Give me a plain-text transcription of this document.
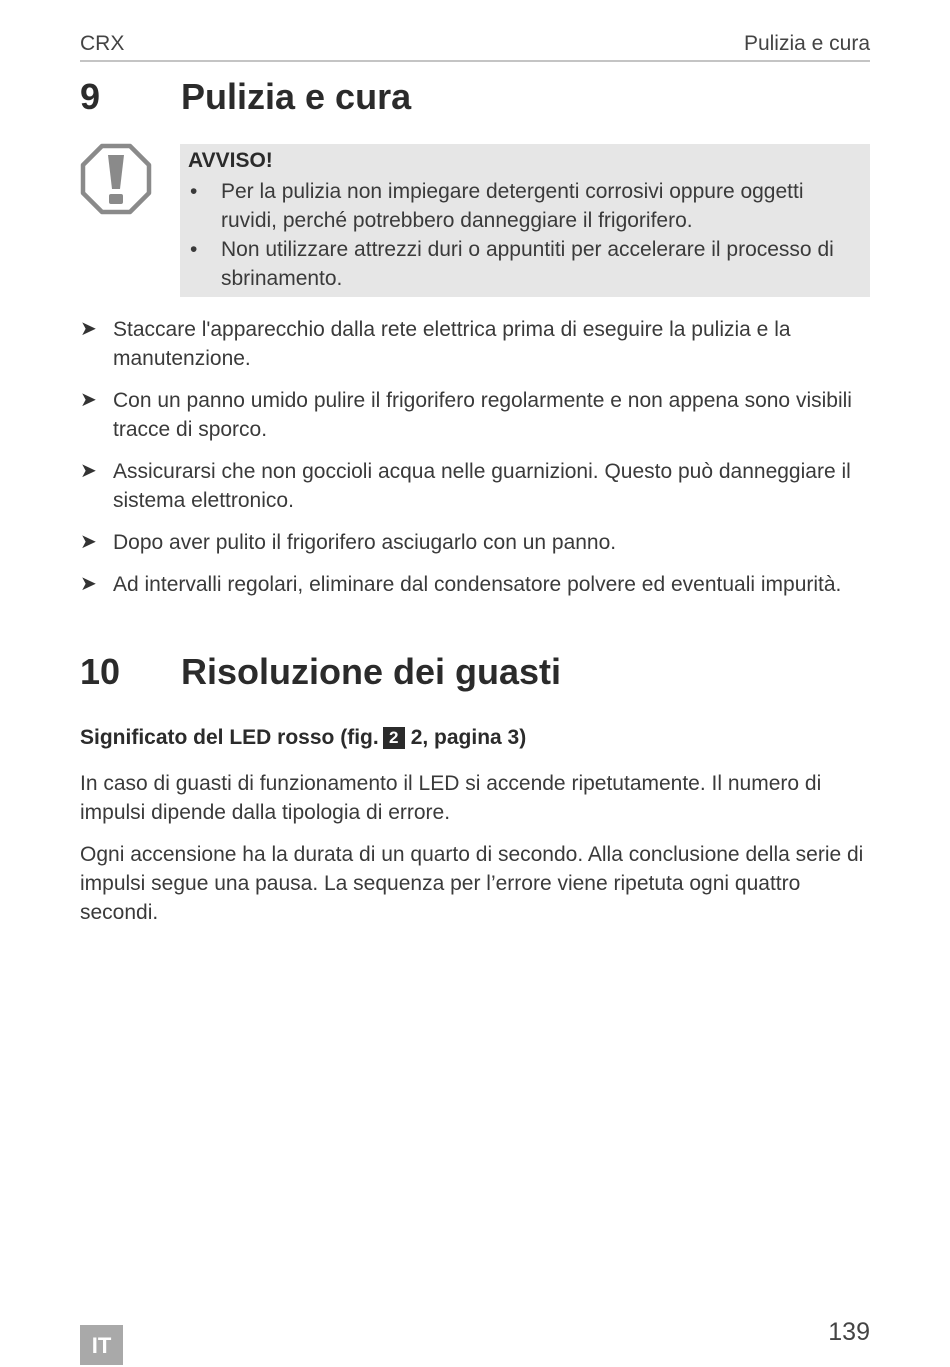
CRX	Pulizia e cura
9 Pulizia e cura
AVVISO!
• Per la pulizia non impiegare detergenti corrosivi oppure oggetti ruvidi, perché potrebbero danneggiare il frigorifero.
• Non utilizzare attrezzi duri o appuntiti per accelerare il processo di sbrinamento.
➤ Staccare l'apparecchio dalla rete elettrica prima di eseguire la pulizia e la manutenzione.
➤ Con un panno umido pulire il frigorifero regolarmente e non appena sono visibili tracce di sporco.
➤ Assicurarsi che non goccioli acqua nelle guarnizioni. Questo può danneggiare il sistema elettronico.
➤ Dopo aver pulito il frigorifero asciugarlo con un panno.
➤ Ad intervalli regolari, eliminare dal condensatore polvere ed eventuali impurità.
10 Risoluzione dei guasti
Significato del LED rosso (fig. 2 2, pagina 3)

In caso di guasti di funzionamento il LED si accende ripetutamente. Il numero di impulsi dipende dalla tipologia di errore.

Ogni accensione ha la durata di un quarto di secondo. Alla conclusione della serie di impulsi segue una pausa. La sequenza per l’errore viene ripetuta ogni quattro secondi.

IT	139
